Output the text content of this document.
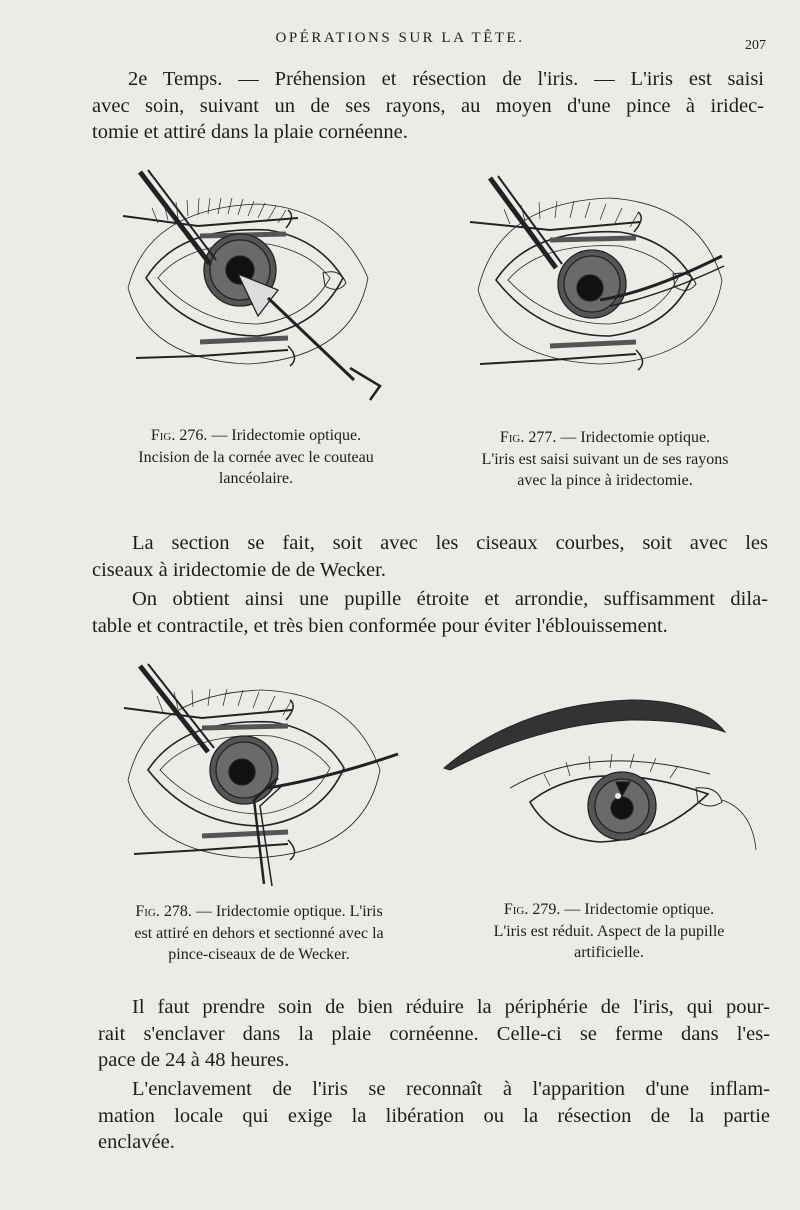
OPÉRATIONS SUR LA TÊTE.	207
2e Temps. — Préhension et résection de l'iris. — L'iris est saisi
avec soin, suivant un de ses rayons, au moyen d'une pince à iridec-
tomie et attiré dans la plaie cornéenne.
Fig. 276. — Iridectomie optique.
Incision de la cornée avec le couteau
lancéolaire.
Fig. 277. — Iridectomie optique.
L'iris est saisi suivant un de ses rayons
avec la pince à iridectomie.
La section se fait, soit avec les ciseaux courbes, soit avec les
ciseaux à iridectomie de de Wecker.
On obtient ainsi une pupille étroite et arrondie, suffisamment dila-
table et contractile, et très bien conformée pour éviter l'éblouissement.
Fig. 278. — Iridectomie optique. L'iris
est attiré en dehors et sectionné avec la
pince-ciseaux de de Wecker.
Fig. 279. — Iridectomie optique.
L'iris est réduit. Aspect de la pupille
artificielle.
Il faut prendre soin de bien réduire la périphérie de l'iris, qui pour-
rait s'enclaver dans la plaie cornéenne. Celle-ci se ferme dans l'es-
pace de 24 à 48 heures.
L'enclavement de l'iris se reconnaît à l'apparition d'une inflam-
mation locale qui exige la libération ou la résection de la partie
enclavée.
